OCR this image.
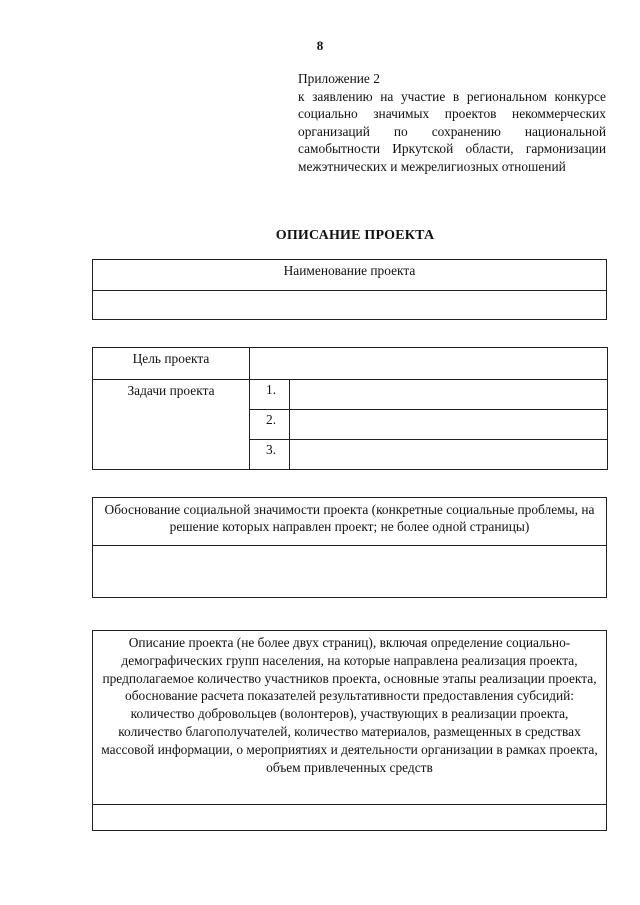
8
Приложение 2
к заявлению на участие в региональном конкурсе социально значимых проектов некоммерческих организаций по сохранению национальной самобытности Иркутской области, гармонизации межэтнических и межрелигиозных отношений
ОПИСАНИЕ ПРОЕКТА
Наименование проекта

Цель проекта		
Задачи проекта	1.	
	2.	
	3.	
Обоснование социальной значимости проекта (конкретные социальные проблемы, на решение которых направлен проект; не более одной страницы)

Описание проекта (не более двух страниц), включая определение социально-демографических групп населения, на которые направлена реализация проекта, предполагаемое количество участников проекта, основные этапы реализации проекта, обоснование расчета показателей результативности предоставления субсидий: количество добровольцев (волонтеров), участвующих в реализации проекта, количество благополучателей, количество материалов, размещенных в средствах массовой информации, о мероприятиях и деятельности организации в рамках проекта, объем привлеченных средств
